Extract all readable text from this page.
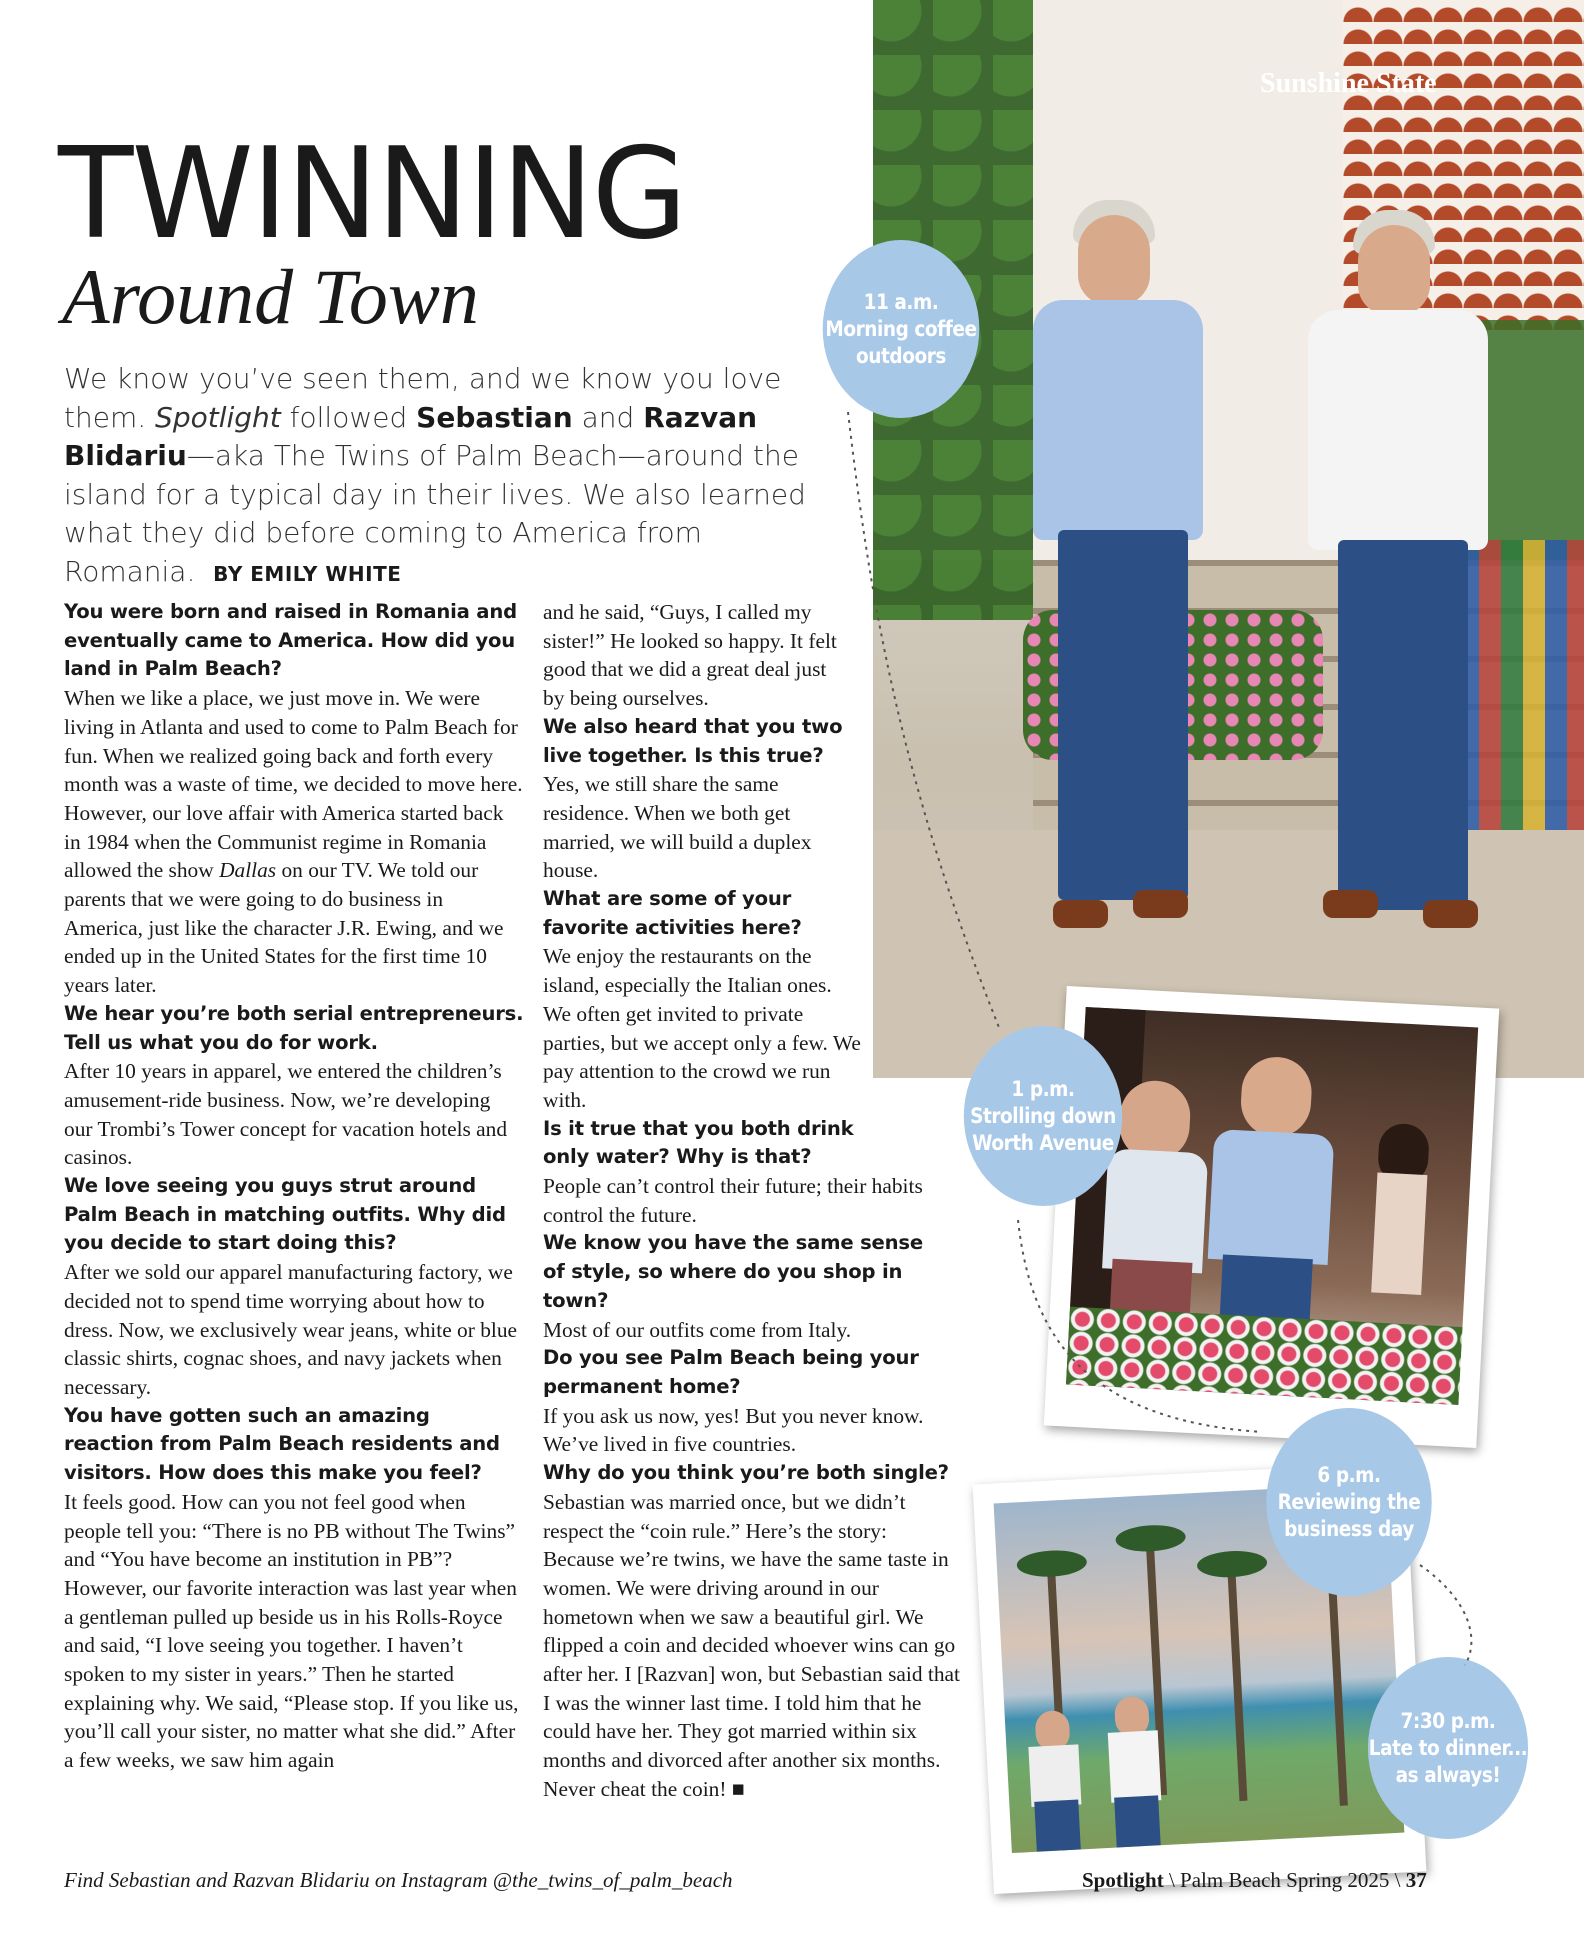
Sunshine State
TWINNING
Around Town
We know you’ve seen them, and we know you love them. Spotlight followed Sebastian and Razvan Blidariu—aka The Twins of Palm Beach—around the island for a typical day in their lives. We also learned what they did before coming to America from Romania. BY EMILY WHITE
You were born and raised in Romania and eventually came to America. How did you land in Palm Beach?
When we like a place, we just move in. We were living in Atlanta and used to come to Palm Beach for fun. When we realized going back and forth every month was a waste of time, we decided to move here. However, our love affair with America started back in 1984 when the Communist regime in Romania allowed the show Dallas on our TV. We told our parents that we were going to do business in America, just like the character J.R. Ewing, and we ended up in the United States for the first time 10 years later.
We hear you’re both serial entrepreneurs. Tell us what you do for work.
After 10 years in apparel, we entered the children’s amusement-ride business. Now, we’re developing our Trombi’s Tower concept for vacation hotels and casinos.
We love seeing you guys strut around Palm Beach in matching outfits. Why did you decide to start doing this?
After we sold our apparel manufacturing factory, we decided not to spend time worrying about how to dress. Now, we exclusively wear jeans, white or blue classic shirts, cognac shoes, and navy jackets when necessary.
You have gotten such an amazing reaction from Palm Beach residents and visitors. How does this make you feel?
It feels good. How can you not feel good when people tell you: “There is no PB without The Twins” and “You have become an institution in PB”? However, our favorite interaction was last year when a gentleman pulled up beside us in his Rolls-Royce and said, “I love seeing you together. I haven’t spoken to my sister in years.” Then he started explaining why. We said, “Please stop. If you like us, you’ll call your sister, no matter what she did.” After a few weeks, we saw him again
and he said, “Guys, I called my sister!” He looked so happy. It felt good that we did a great deal just by being ourselves.
We also heard that you two live together. Is this true?
Yes, we still share the same residence. When we both get married, we will build a duplex house.
What are some of your favorite activities here?
We enjoy the restaurants on the island, especially the Italian ones. We often get invited to private parties, but we accept only a few. We pay attention to the crowd we run with.
Is it true that you both drink only water? Why is that?
People can’t control their future; their habits control the future.
We know you have the same sense of style, so where do you shop in town?
Most of our outfits come from Italy.
Do you see Palm Beach being your permanent home?
If you ask us now, yes! But you never know. We’ve lived in five countries.
Why do you think you’re both single?
Sebastian was married once, but we didn’t respect the “coin rule.” Here’s the story: Because we’re twins, we have the same taste in women. We were driving around in our hometown when we saw a beautiful girl. We flipped a coin and decided whoever wins can go after her. I [Razvan] won, but Sebastian said that I was the winner last time. I told him that he could have her. They got married within six months and divorced after another six months. Never cheat the coin! ■
11 a.m.
Morning coffee
outdoors
1 p.m.
Strolling down
Worth Avenue
6 p.m.
Reviewing the
business day
7:30 p.m.
Late to dinner...
as always!
Find Sebastian and Razvan Blidariu on Instagram @the_twins_of_palm_beach	Spotlight \ Palm Beach Spring 2025 \ 37
